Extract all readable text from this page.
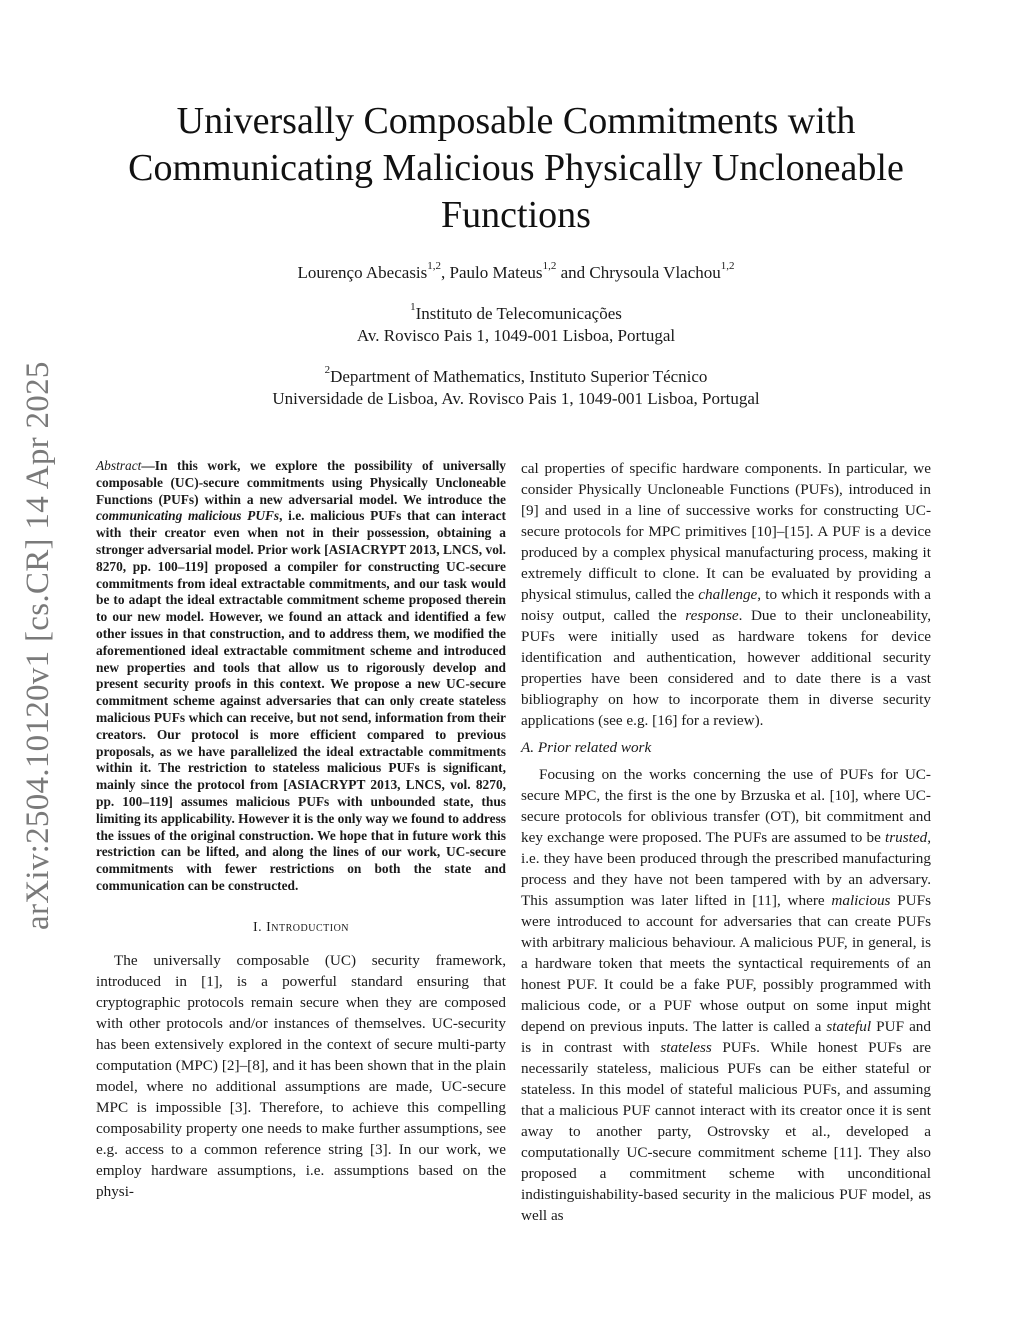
arXiv:2504.10120v1 [cs.CR] 14 Apr 2025
Universally Composable Commitments with Communicating Malicious Physically Uncloneable Functions
Lourenço Abecasis$^{1,2}$, Paulo Mateus$^{1,2}$ and Chrysoula Vlachou$^{1,2}$
$^1$Instituto de Telecomunicações
Av. Rovisco Pais 1, 1049-001 Lisboa, Portugal
$^2$Department of Mathematics, Instituto Superior Técnico
Universidade de Lisboa, Av. Rovisco Pais 1, 1049-001 Lisboa, Portugal
Abstract—In this work, we explore the possibility of universally composable (UC)-secure commitments using Physically Uncloneable Functions (PUFs) within a new adversarial model. We introduce the communicating malicious PUFs, i.e. malicious PUFs that can interact with their creator even when not in their possession, obtaining a stronger adversarial model. Prior work [ASIACRYPT 2013, LNCS, vol. 8270, pp. 100–119] proposed a compiler for constructing UC-secure commitments from ideal extractable commitments, and our task would be to adapt the ideal extractable commitment scheme proposed therein to our new model. However, we found an attack and identified a few other issues in that construction, and to address them, we modified the aforementioned ideal extractable commitment scheme and introduced new properties and tools that allow us to rigorously develop and present security proofs in this context. We propose a new UC-secure commitment scheme against adversaries that can only create stateless malicious PUFs which can receive, but not send, information from their creators. Our protocol is more efficient compared to previous proposals, as we have parallelized the ideal extractable commitments within it. The restriction to stateless malicious PUFs is significant, mainly since the protocol from [ASIACRYPT 2013, LNCS, vol. 8270, pp. 100–119] assumes malicious PUFs with unbounded state, thus limiting its applicability. However it is the only way we found to address the issues of the original construction. We hope that in future work this restriction can be lifted, and along the lines of our work, UC-secure commitments with fewer restrictions on both the state and communication can be constructed.
I. Introduction

The universally composable (UC) security framework, introduced in [1], is a powerful standard ensuring that cryptographic protocols remain secure when they are composed with other protocols and/or instances of themselves. UC-security has been extensively explored in the context of secure multi-party computation (MPC) [2]–[8], and it has been shown that in the plain model, where no additional assumptions are made, UC-secure MPC is impossible [3]. Therefore, to achieve this compelling composability property one needs to make further assumptions, see e.g. access to a common reference string [3]. In our work, we employ hardware assumptions, i.e. assumptions based on the physi-

cal properties of specific hardware components. In particular, we consider Physically Uncloneable Functions (PUFs), introduced in [9] and used in a line of successive works for constructing UC-secure protocols for MPC primitives [10]–[15]. A PUF is a device produced by a complex physical manufacturing process, making it extremely difficult to clone. It can be evaluated by providing a physical stimulus, called the challenge, to which it responds with a noisy output, called the response. Due to their uncloneability, PUFs were initially used as hardware tokens for device identification and authentication, however additional security properties have been considered and to date there is a vast bibliography on how to incorporate them in diverse security applications (see e.g. [16] for a review).

A. Prior related work

Focusing on the works concerning the use of PUFs for UC-secure MPC, the first is the one by Brzuska et al. [10], where UC-secure protocols for oblivious transfer (OT), bit commitment and key exchange were proposed. The PUFs are assumed to be trusted, i.e. they have been produced through the prescribed manufacturing process and they have not been tampered with by an adversary. This assumption was later lifted in [11], where malicious PUFs were introduced to account for adversaries that can create PUFs with arbitrary malicious behaviour. A malicious PUF, in general, is a hardware token that meets the syntactical requirements of an honest PUF. It could be a fake PUF, possibly programmed with malicious code, or a PUF whose output on some input might depend on previous inputs. The latter is called a stateful PUF and is in contrast with stateless PUFs. While honest PUFs are necessarily stateless, malicious PUFs can be either stateful or stateless. In this model of stateful malicious PUFs, and assuming that a malicious PUF cannot interact with its creator once it is sent away to another party, Ostrovsky et al., developed a computationally UC-secure commitment scheme [11]. They also proposed a commitment scheme with unconditional indistinguishability-based security in the malicious PUF model, as well as
